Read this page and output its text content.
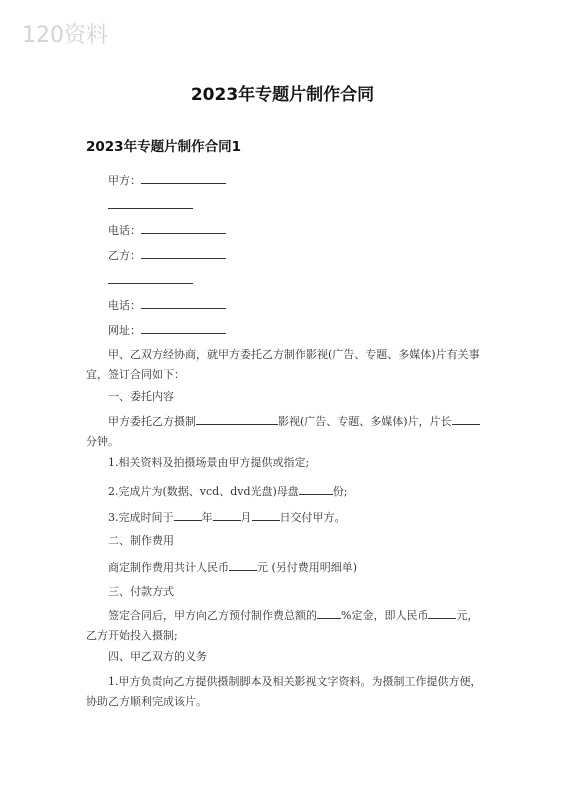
120资料
2023年专题片制作合同
2023年专题片制作合同1
甲方：
电话：
乙方：
电话：
网址：
甲、乙双方经协商，就甲方委托乙方制作影视(广告、专题、多媒体)片有关事宜，签订合同如下：
一、委托内容
甲方委托乙方摄制	影视(广告、专题、多媒体)片，片长分钟。
1.相关资料及拍摄场景由甲方提供或指定;
2.完成片为(数据、vcd、dvd光盘)母盘	份;
3.完成时间于	年	月	日交付甲方。
二、制作费用
商定制作费用共计人民币	元 (另付费用明细单)
三、付款方式
签定合同后，甲方向乙方预付制作费总额的 %定金，即人民币	元，乙方开始投入摄制;
四、甲乙双方的义务
1.甲方负责向乙方提供摄制脚本及相关影视文字资料。为摄制工作提供方便，协助乙方顺利完成该片。
